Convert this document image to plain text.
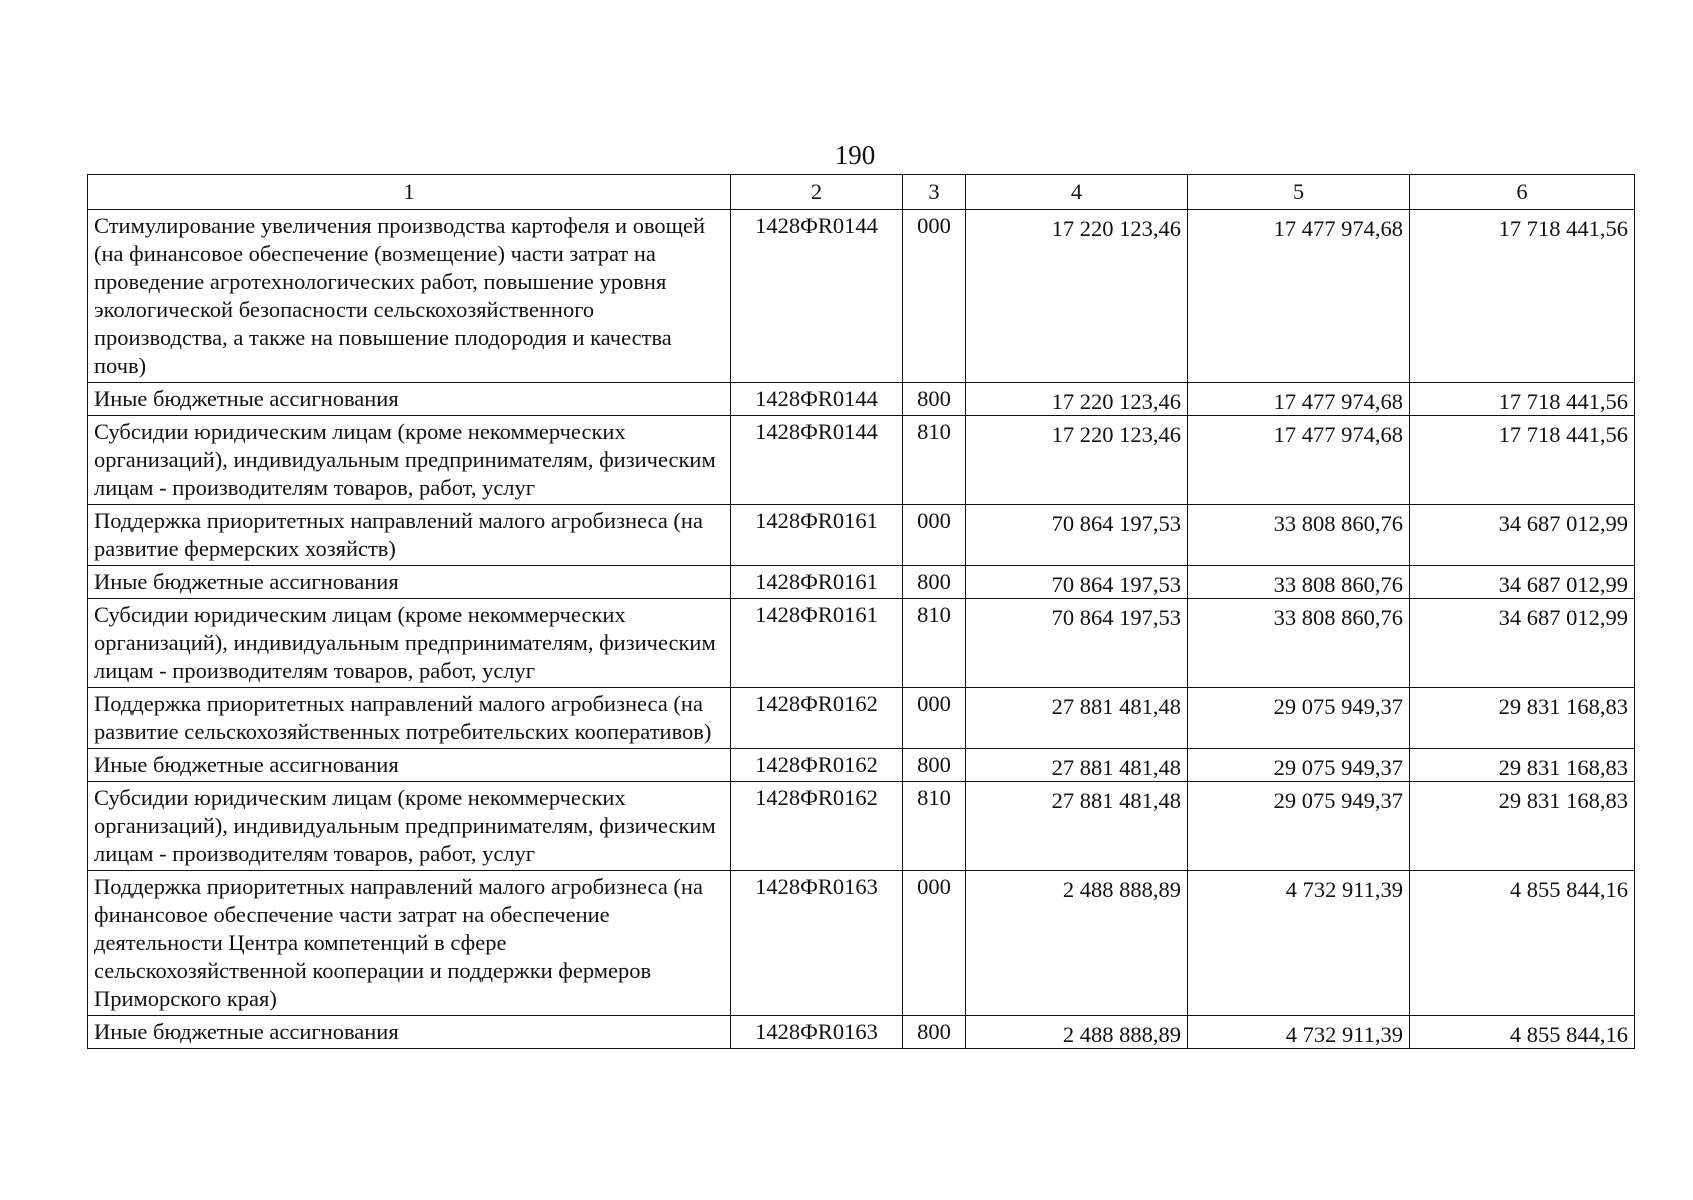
190
1	2	3	4	5	6
Стимулирование увеличения производства картофеля и овощей (на финансовое обеспечение (возмещение) части затрат на проведение агротехнологических работ, повышение уровня экологической безопасности сельскохозяйственного производства, а также на повышение плодородия и качества почв)	1428ФR0144	000	17 220 123,46	17 477 974,68	17 718 441,56
Иные бюджетные ассигнования	1428ФR0144	800	17 220 123,46	17 477 974,68	17 718 441,56
Субсидии юридическим лицам (кроме некоммерческих организаций), индивидуальным предпринимателям, физическим лицам - производителям товаров, работ, услуг	1428ФR0144	810	17 220 123,46	17 477 974,68	17 718 441,56
Поддержка приоритетных направлений малого агробизнеса (на развитие фермерских хозяйств)	1428ФR0161	000	70 864 197,53	33 808 860,76	34 687 012,99
Иные бюджетные ассигнования	1428ФR0161	800	70 864 197,53	33 808 860,76	34 687 012,99
Субсидии юридическим лицам (кроме некоммерческих организаций), индивидуальным предпринимателям, физическим лицам - производителям товаров, работ, услуг	1428ФR0161	810	70 864 197,53	33 808 860,76	34 687 012,99
Поддержка приоритетных направлений малого агробизнеса (на развитие сельскохозяйственных потребительских кооперативов)	1428ФR0162	000	27 881 481,48	29 075 949,37	29 831 168,83
Иные бюджетные ассигнования	1428ФR0162	800	27 881 481,48	29 075 949,37	29 831 168,83
Субсидии юридическим лицам (кроме некоммерческих организаций), индивидуальным предпринимателям, физическим лицам - производителям товаров, работ, услуг	1428ФR0162	810	27 881 481,48	29 075 949,37	29 831 168,83
Поддержка приоритетных направлений малого агробизнеса (на финансовое обеспечение части затрат на обеспечение деятельности Центра компетенций в сфере сельскохозяйственной кооперации и поддержки фермеров Приморского края)	1428ФR0163	000	2 488 888,89	4 732 911,39	4 855 844,16
Иные бюджетные ассигнования	1428ФR0163	800	2 488 888,89	4 732 911,39	4 855 844,16
